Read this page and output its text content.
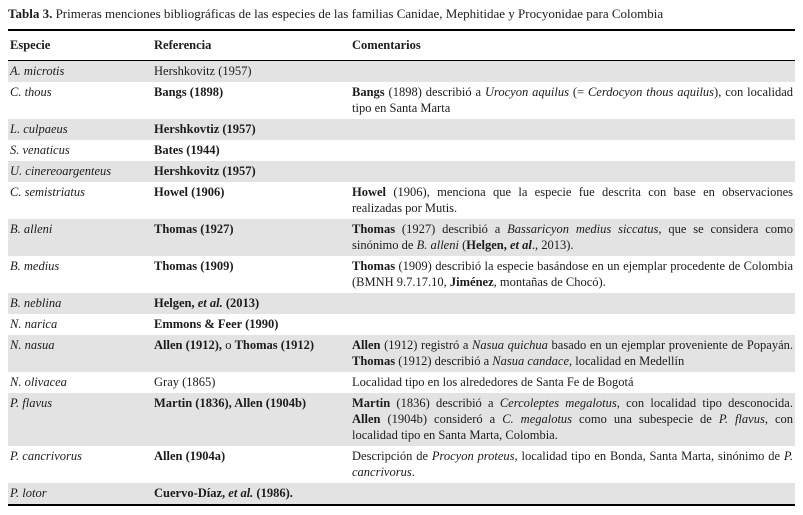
Tabla 3. Primeras menciones bibliográficas de las especies de las familias Canidae, Mephitidae y Procyonidae para Colombia
Especie	Referencia	Comentarios
A. microtis	Hershkovitz (1957)	
C. thous	Bangs (1898)	Bangs (1898) describió a Urocyon aquilus (= Cerdocyon thous aquilus), con localidad tipo en Santa Marta
L. culpaeus	Hershkovtiz (1957)	
S. venaticus	Bates (1944)	
U. cinereoargenteus	Hershkovitz (1957)	
C. semistriatus	Howel (1906)	Howel (1906), menciona que la especie fue descrita con base en observaciones realizadas por Mutis.
B. alleni	Thomas (1927)	Thomas (1927) describió a Bassaricyon medius siccatus, que se considera como sinónimo de B. alleni (Helgen, et al., 2013).
B. medius	Thomas (1909)	Thomas (1909) describió la especie basándose en un ejemplar procedente de Colombia (BMNH 9.7.17.10, Jiménez, montañas de Chocó).
B. neblina	Helgen, et al. (2013)	
N. narica	Emmons & Feer (1990)	
N. nasua	Allen (1912), o Thomas (1912)	Allen (1912) registró a Nasua quichua basado en un ejemplar proveniente de Popayán. Thomas (1912) describió a Nasua candace, localidad en Medellín
N. olivacea	Gray (1865)	Localidad tipo en los alrededores de Santa Fe de Bogotá
P. flavus	Martin (1836), Allen (1904b)	Martin (1836) describió a Cercoleptes megalotus, con localidad tipo desconocida. Allen (1904b) consideró a C. megalotus como una subespecie de P. flavus, con localidad tipo en Santa Marta, Colombia.
P. cancrivorus	Allen (1904a)	Descripción de Procyon proteus, localidad tipo en Bonda, Santa Marta, sinónimo de P. cancrivorus.
P. lotor	Cuervo-Díaz, et al. (1986).	
